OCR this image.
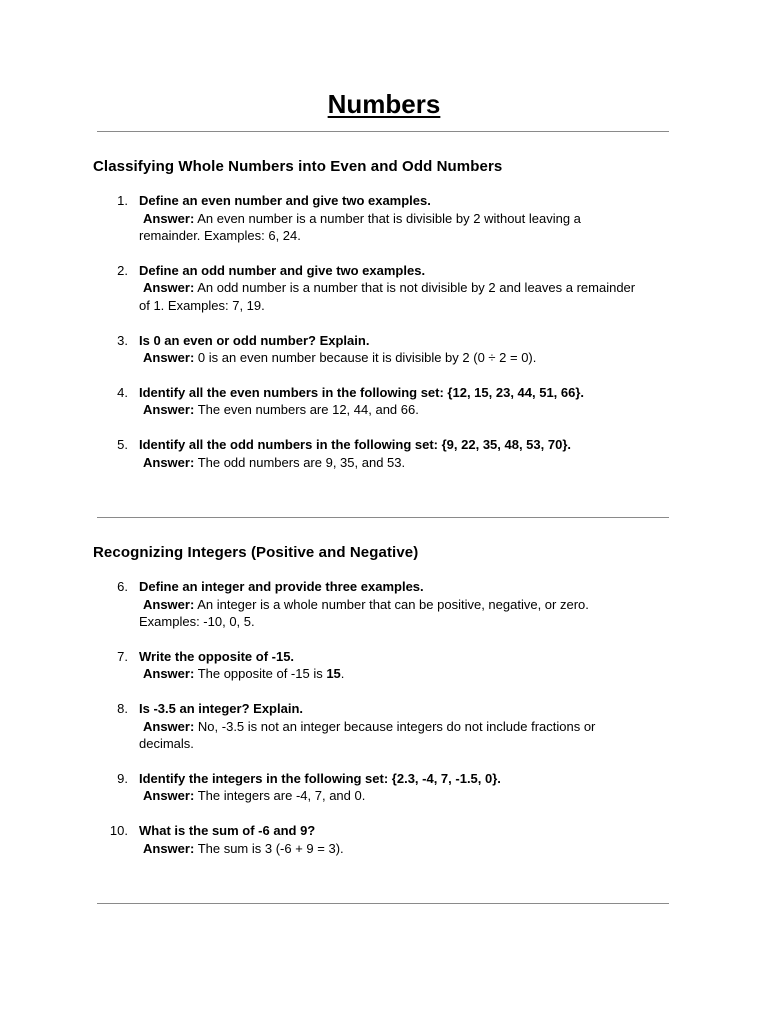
Numbers
Classifying Whole Numbers into Even and Odd Numbers
1. Define an even number and give two examples.
Answer: An even number is a number that is divisible by 2 without leaving a remainder. Examples: 6, 24.
2. Define an odd number and give two examples.
Answer: An odd number is a number that is not divisible by 2 and leaves a remainder of 1. Examples: 7, 19.
3. Is 0 an even or odd number? Explain.
Answer: 0 is an even number because it is divisible by 2 (0 ÷ 2 = 0).
4. Identify all the even numbers in the following set: {12, 15, 23, 44, 51, 66}.
Answer: The even numbers are 12, 44, and 66.
5. Identify all the odd numbers in the following set: {9, 22, 35, 48, 53, 70}.
Answer: The odd numbers are 9, 35, and 53.
Recognizing Integers (Positive and Negative)
6. Define an integer and provide three examples.
Answer: An integer is a whole number that can be positive, negative, or zero. Examples: -10, 0, 5.
7. Write the opposite of -15.
Answer: The opposite of -15 is 15.
8. Is -3.5 an integer? Explain.
Answer: No, -3.5 is not an integer because integers do not include fractions or decimals.
9. Identify the integers in the following set: {2.3, -4, 7, -1.5, 0}.
Answer: The integers are -4, 7, and 0.
10. What is the sum of -6 and 9?
Answer: The sum is 3 (-6 + 9 = 3).
